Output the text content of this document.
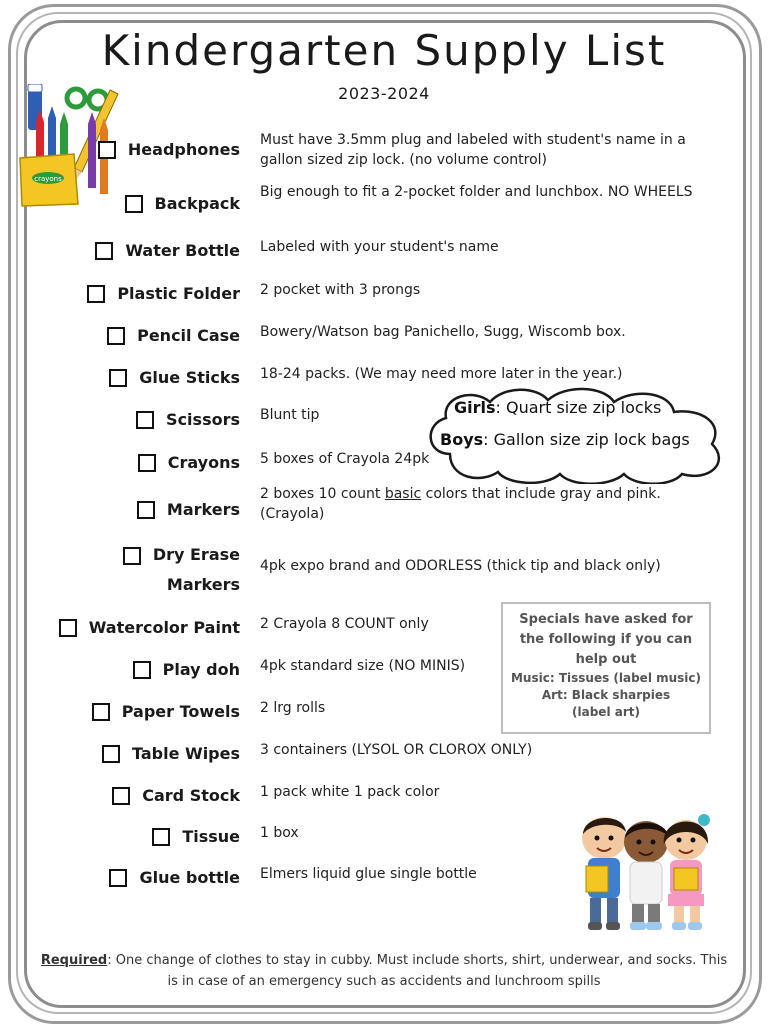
Kindergarten Supply List
2023-2024
crayons
Headphones Must have 3.5mm plug and labeled with student's name in a gallon sized zip lock. (no volume control)
Backpack
Big enough to fit a 2-pocket folder and lunchbox. NO WHEELS
Water Bottle Labeled with your student's name
Plastic Folder 2 pocket with 3 prongs
Pencil Case Bowery/Watson bag Panichello, Sugg, Wiscomb box.
Glue Sticks 18-24 packs. (We may need more later in the year.)
Scissors Blunt tip
Crayons 5 boxes of Crayola 24pk
Markers
2 boxes 10 count basic colors that include gray and pink. (Crayola)
Dry Erase
Markers
4pk expo brand and ODORLESS (thick tip and black only)
Watercolor Paint 2 Crayola 8 COUNT only
Play doh 4pk standard size (NO MINIS)
Paper Towels 2 lrg rolls
Table Wipes 3 containers (LYSOL OR CLOROX ONLY)
Card Stock 1 pack white 1 pack color
Tissue 1 box
Glue bottle Elmers liquid glue single bottle
Girls: Quart size zip locks
Boys: Gallon size zip lock bags
Specials have asked for the following if you can help out
Music: Tissues (label music)
Art: Black sharpies
(label art)
Required: One change of clothes to stay in cubby. Must include shorts, shirt, underwear, and socks. This is in case of an emergency such as accidents and lunchroom spills
